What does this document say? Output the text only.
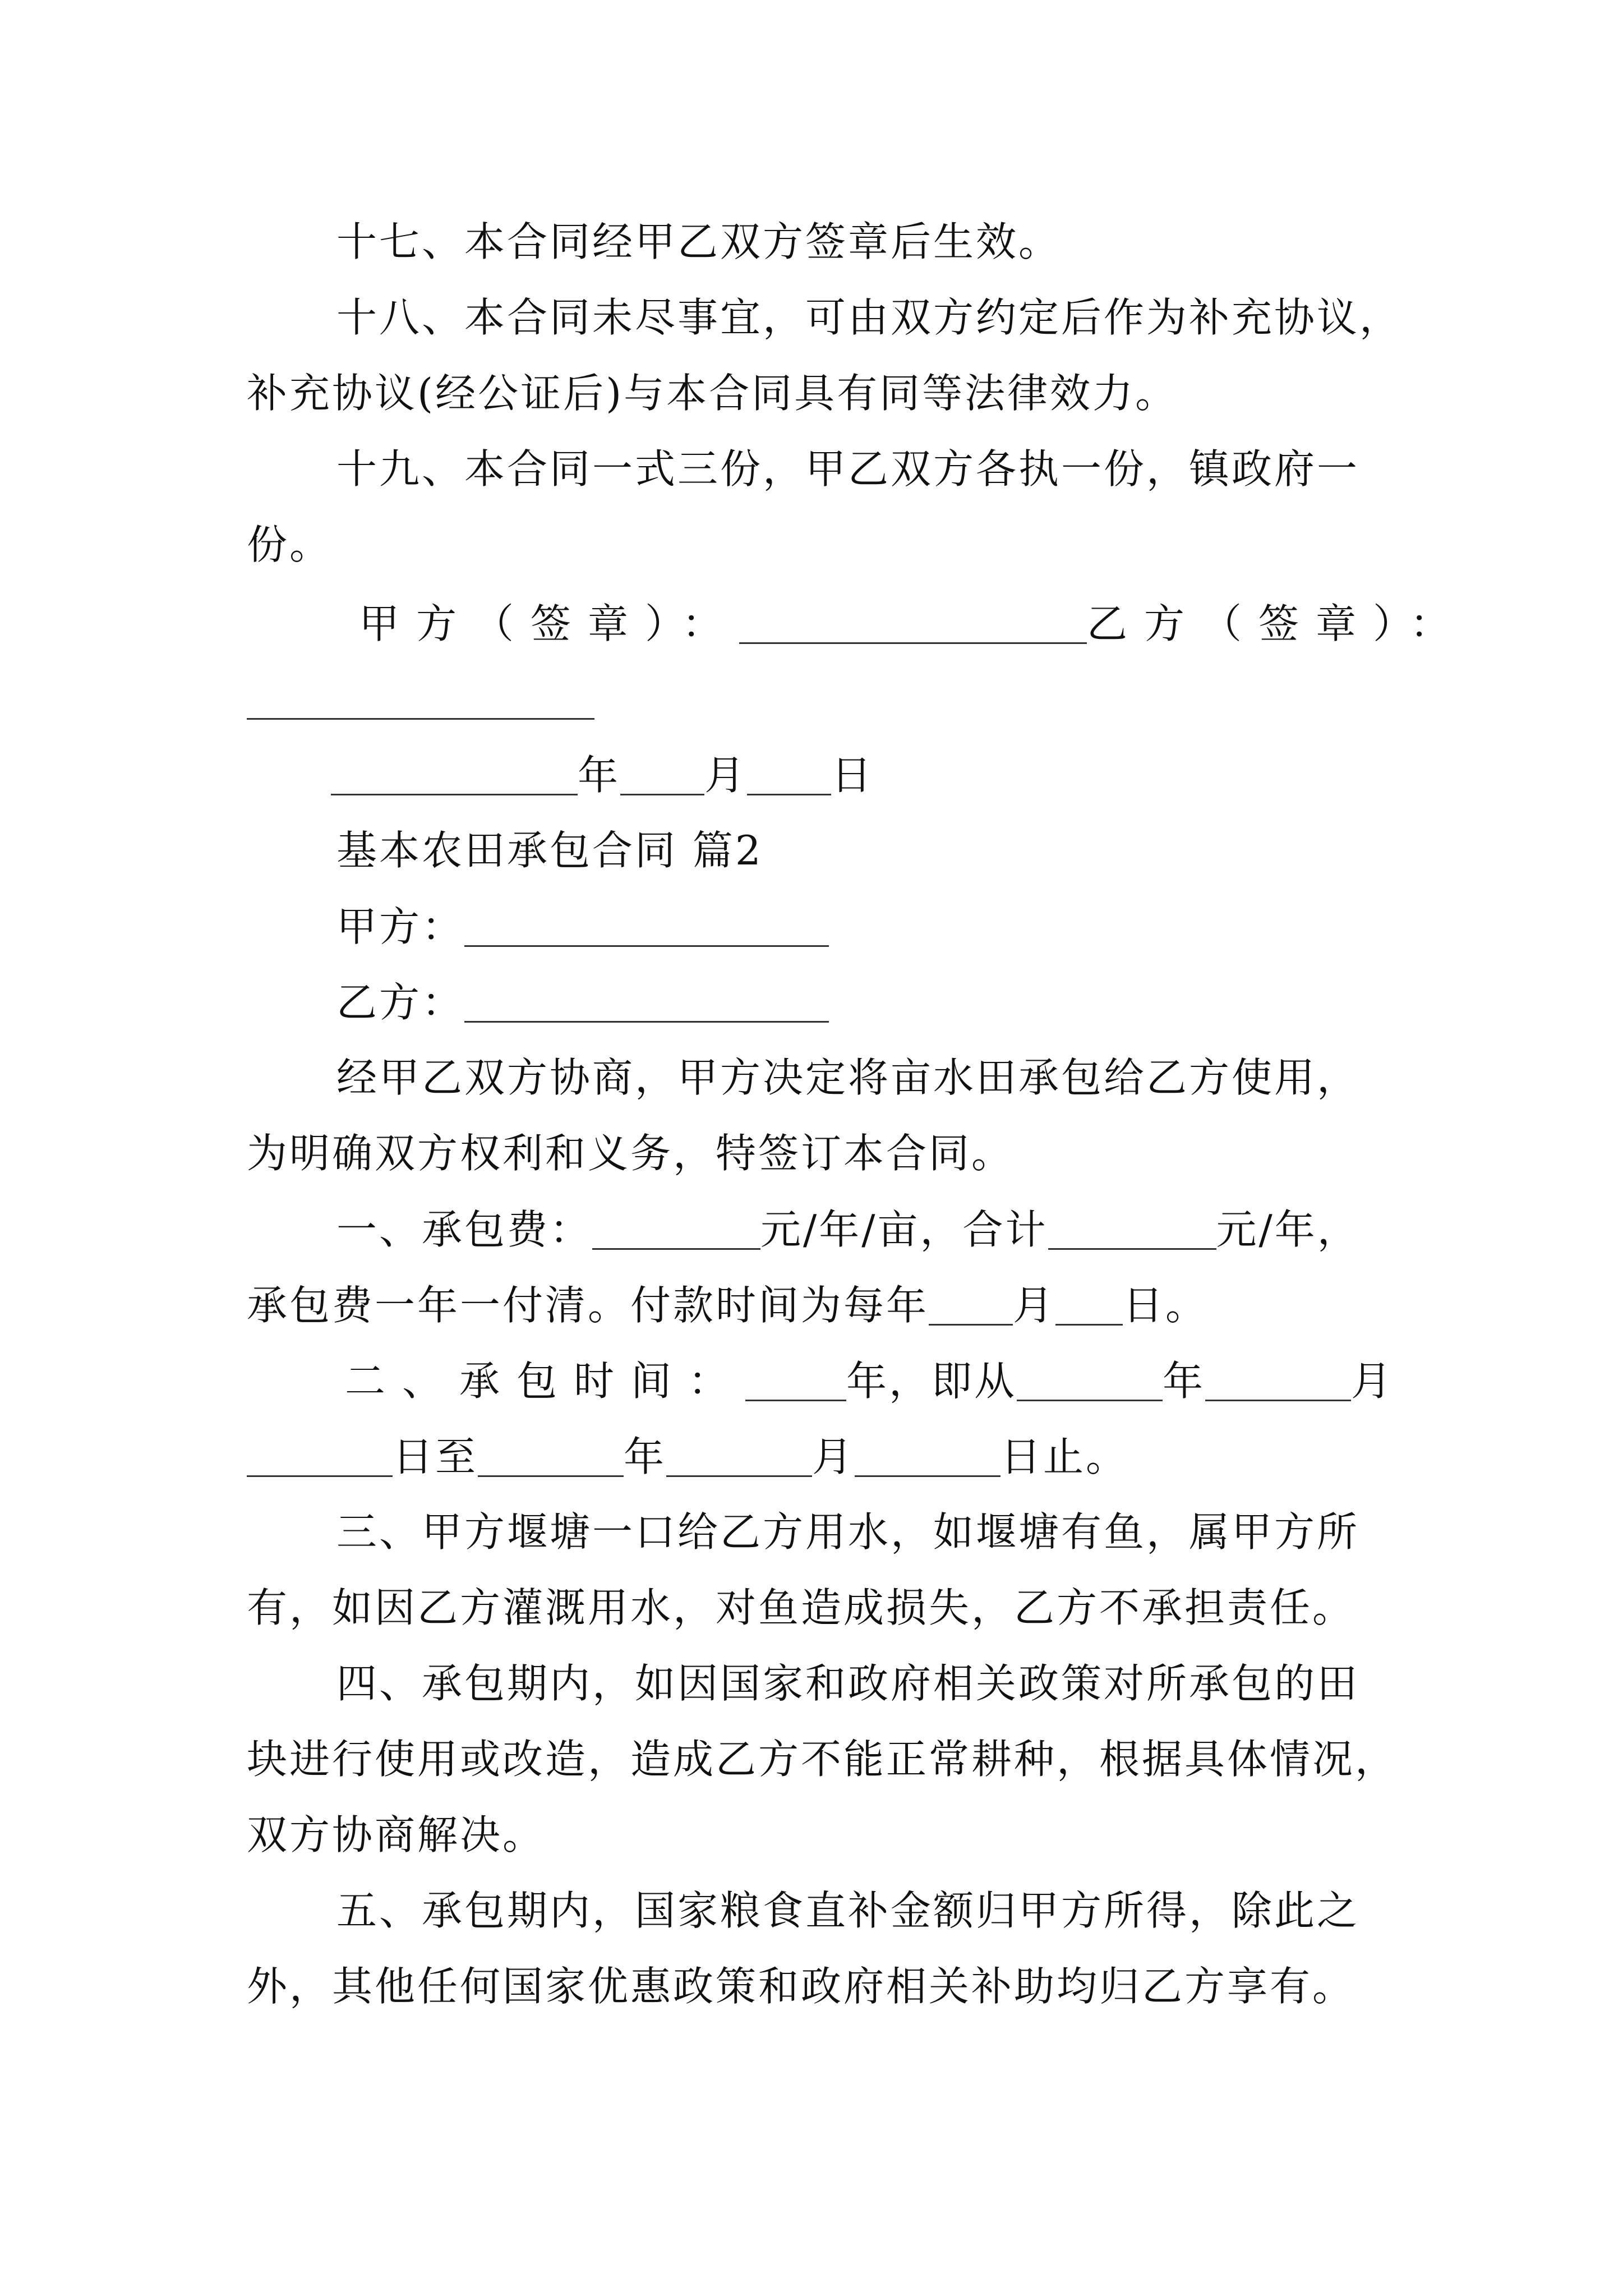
十七、本合同经甲乙双方签章后生效。
十八、本合同未尽事宜，可由双方约定后作为补充协议，
补充协议(经公证后)与本合同具有同等法律效力。
十九、本合同一式三份，甲乙双方各执一份，镇政府一
份。
甲方（签章）：	乙方（签章）：
年 月 日
基本农田承包合同 篇2
甲方：
乙方：
经甲乙双方协商，甲方决定将亩水田承包给乙方使用，
为明确双方权利和义务，特签订本合同。
一、承包费：	元/年/亩，合计	元/年，
承包费一年一付清。付款时间为每年 月 日。
二、承包时间：	年，即从	年	月
日至	年	月	日止。
三、甲方堰塘一口给乙方用水，如堰塘有鱼，属甲方所
有，如因乙方灌溉用水，对鱼造成损失，乙方不承担责任。
四、承包期内，如因国家和政府相关政策对所承包的田
块进行使用或改造，造成乙方不能正常耕种，根据具体情况，
双方协商解决。
五、承包期内，国家粮食直补金额归甲方所得，除此之
外，其他任何国家优惠政策和政府相关补助均归乙方享有。
